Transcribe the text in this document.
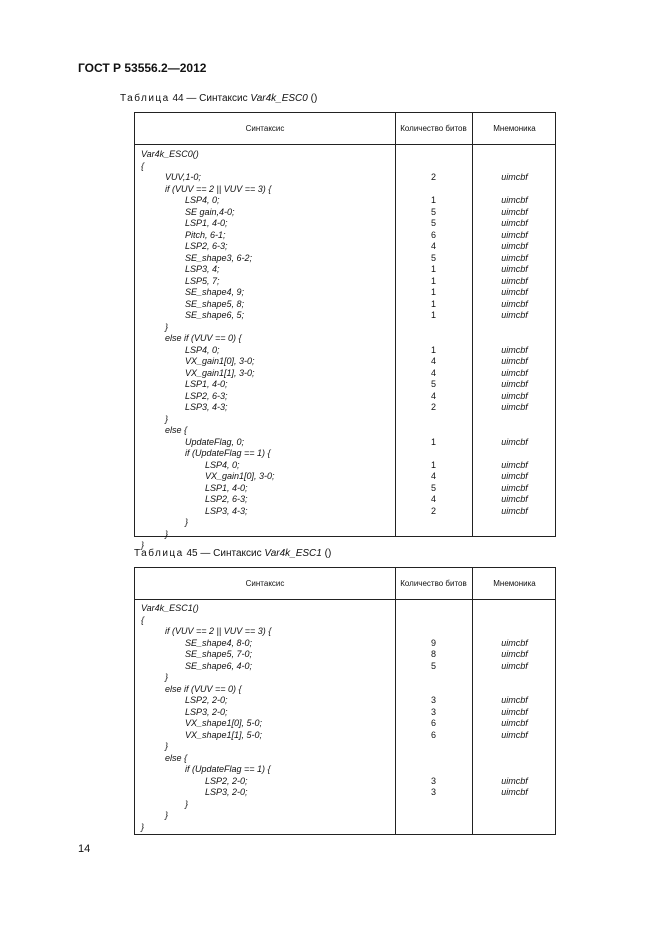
ГОСТ Р 53556.2—2012
Таблица 44 — Синтаксис Var4k_ESC0 ()
Синтаксис	Количество битов	Мнемоника
Var4k_ESC0()
{
VUV,1-0;	2	uimcbf
if (VUV == 2 || VUV == 3) {
LSP4, 0;	1	uimcbf
SE gain,4-0;	5	uimcbf
LSP1, 4-0;	5	uimcbf
Pitch, 6-1;	6	uimcbf
LSP2, 6-3;	4	uimcbf
SE_shape3, 6-2;	5	uimcbf
LSP3, 4;	1	uimcbf
LSP5, 7;	1	uimcbf
SE_shape4, 9;	1	uimcbf
SE_shape5, 8;	1	uimcbf
SE_shape6, 5;	1	uimcbf
}
else if (VUV == 0) {
LSP4, 0;	1	uimcbf
VX_gain1[0], 3-0;	4	uimcbf
VX_gain1[1], 3-0;	4	uimcbf
LSP1, 4-0;	5	uimcbf
LSP2, 6-3;	4	uimcbf
LSP3, 4-3;	2	uimcbf
}
else {
UpdateFlag, 0;	1	uimcbf
if (UpdateFlag == 1) {
LSP4, 0;	1	uimcbf
VX_gain1[0], 3-0;	4	uimcbf
LSP1, 4-0;	5	uimcbf
LSP2, 6-3;	4	uimcbf
LSP3, 4-3;	2	uimcbf
}
}
}
Таблица 45 — Синтаксис Var4k_ESC1 ()
Синтаксис	Количество битов	Мнемоника
Var4k_ESC1()
{
if (VUV == 2 || VUV == 3) {
SE_shape4, 8-0;	9	uimcbf
SE_shape5, 7-0;	8	uimcbf
SE_shape6, 4-0;	5	uimcbf
}
else if (VUV == 0) {
LSP2, 2-0;	3	uimcbf
LSP3, 2-0;	3	uimcbf
VX_shape1[0], 5-0;	6	uimcbf
VX_shape1[1], 5-0;	6	uimcbf
}
else {
if (UpdateFlag == 1) {
LSP2, 2-0;	3	uimcbf
LSP3, 2-0;	3	uimcbf
}
}
}
14
